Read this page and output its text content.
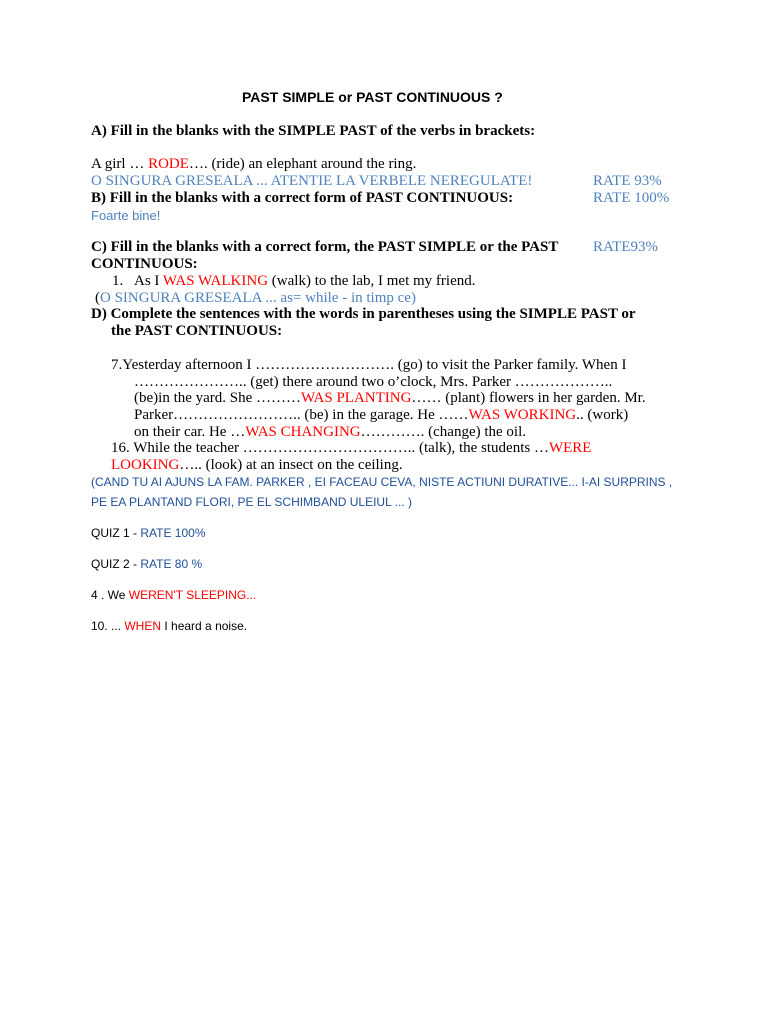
PAST SIMPLE or PAST CONTINUOUS ?
A) Fill in the blanks with the SIMPLE PAST of the verbs in brackets:
A girl … RODE…. (ride) an elephant around the ring.
O SINGURA GRESEALA ... ATENTIE LA VERBELE NEREGULATE!	RATE 93%
B) Fill in the blanks with a correct form of PAST CONTINUOUS:	RATE 100%
Foarte bine!
C) Fill in the blanks with a correct form, the PAST SIMPLE or the PAST RATE93%
CONTINUOUS:
1. As I WAS WALKING (walk) to the lab, I met my friend.
(O SINGURA GRESEALA ... as= while - in timp ce)
D) Complete the sentences with the words in parentheses using the SIMPLE PAST or
the PAST CONTINUOUS:
7.Yesterday afternoon I ………………………. (go) to visit the Parker family. When I
………………….. (get) there around two o’clock, Mrs. Parker ………………..
(be)in the yard. She ………WAS PLANTING…… (plant) flowers in her garden. Mr.
Parker…………………….. (be) in the garage. He ……WAS WORKING.. (work)
on their car. He …WAS CHANGING…………. (change) the oil.
16. While the teacher …………………………….. (talk), the students …WERE
LOOKING….. (look) at an insect on the ceiling.
(CAND TU AI AJUNS LA FAM. PARKER , EI FACEAU CEVA, NISTE ACTIUNI DURATIVE... I-AI SURPRINS ,
PE EA PLANTAND FLORI, PE EL SCHIMBAND ULEIUL ... )
QUIZ 1 - RATE 100%
QUIZ 2 - RATE 80 %
4 . We WEREN'T SLEEPING...
10. ... WHEN I heard a noise.
